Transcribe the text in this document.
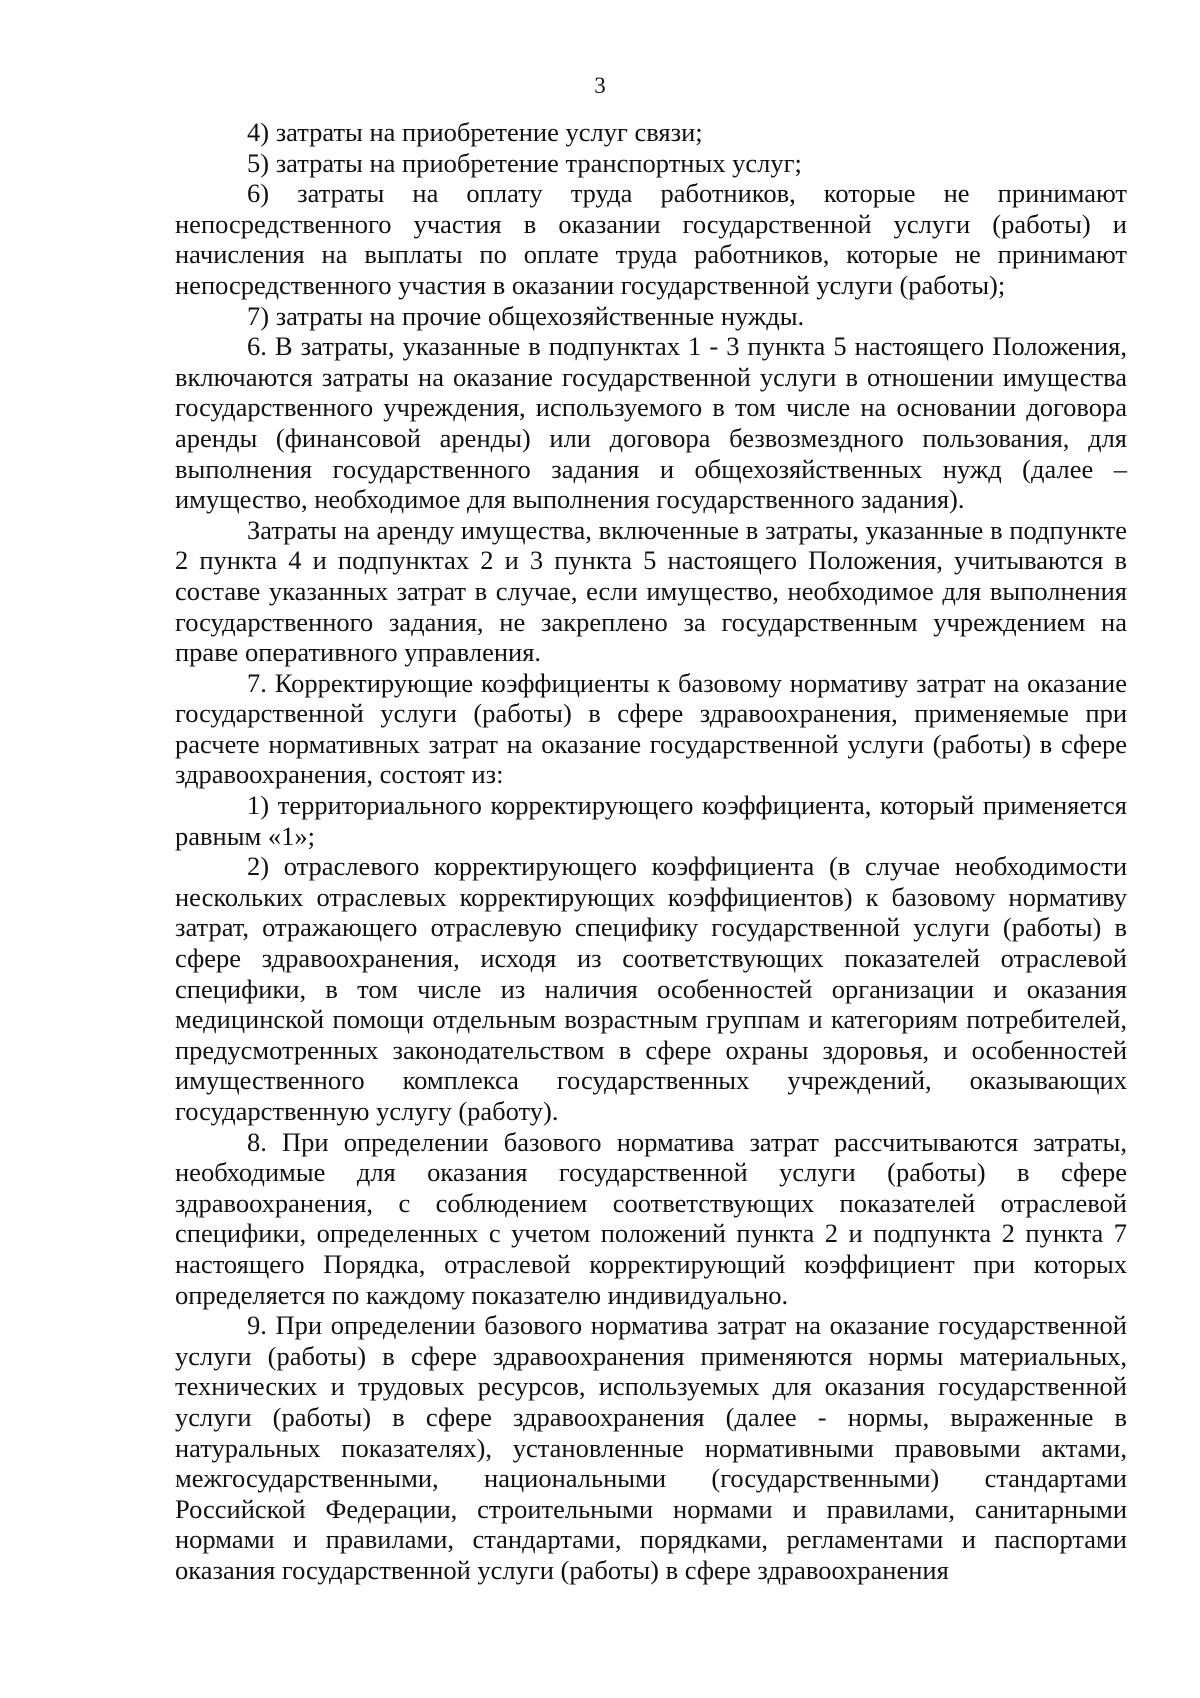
3

4) затраты на приобретение услуг связи;

5) затраты на приобретение транспортных услуг;

6) затраты на оплату труда работников, которые не принимают непосредственного участия в оказании государственной услуги (работы) и начисления на выплаты по оплате труда работников, которые не принимают непосредственного участия в оказании государственной услуги (работы);

7) затраты на прочие общехозяйственные нужды.

6. В затраты, указанные в подпунктах 1 - 3 пункта 5 настоящего Положения, включаются затраты на оказание государственной услуги в отношении имущества государственного учреждения, используемого в том числе на основании договора аренды (финансовой аренды) или договора безвозмездного пользования, для выполнения государственного задания и общехозяйственных нужд (далее – имущество, необходимое для выполнения государственного задания).

Затраты на аренду имущества, включенные в затраты, указанные в подпункте 2 пункта 4 и подпунктах 2 и 3 пункта 5 настоящего Положения, учитываются в составе указанных затрат в случае, если имущество, необходимое для выполнения государственного задания, не закреплено за государственным учреждением на праве оперативного управления.

7. Корректирующие коэффициенты к базовому нормативу затрат на оказание государственной услуги (работы) в сфере здравоохранения, применяемые при расчете нормативных затрат на оказание государственной услуги (работы) в сфере здравоохранения, состоят из:

1) территориального корректирующего коэффициента, который применяется равным «1»;

2) отраслевого корректирующего коэффициента (в случае необходимости нескольких отраслевых корректирующих коэффициентов) к базовому нормативу затрат, отражающего отраслевую специфику государственной услуги (работы) в сфере здравоохранения, исходя из соответствующих показателей отраслевой специфики, в том числе из наличия особенностей организации и оказания медицинской помощи отдельным возрастным группам и категориям потребителей, предусмотренных законодательством в сфере охраны здоровья, и особенностей имущественного комплекса государственных учреждений, оказывающих государственную услугу (работу).

8. При определении базового норматива затрат рассчитываются затраты, необходимые для оказания государственной услуги (работы) в сфере здравоохранения, с соблюдением соответствующих показателей отраслевой специфики, определенных с учетом положений пункта 2 и подпункта 2 пункта 7 настоящего Порядка, отраслевой корректирующий коэффициент при которых определяется по каждому показателю индивидуально.

9. При определении базового норматива затрат на оказание государственной услуги (работы) в сфере здравоохранения применяются нормы материальных, технических и трудовых ресурсов, используемых для оказания государственной услуги (работы) в сфере здравоохранения (далее - нормы, выраженные в натуральных показателях), установленные нормативными правовыми актами, межгосударственными, национальными (государственными) стандартами Российской Федерации, строительными нормами и правилами, санитарными нормами и правилами, стандартами, порядками, регламентами и паспортами оказания государственной услуги (работы) в сфере здравоохранения
